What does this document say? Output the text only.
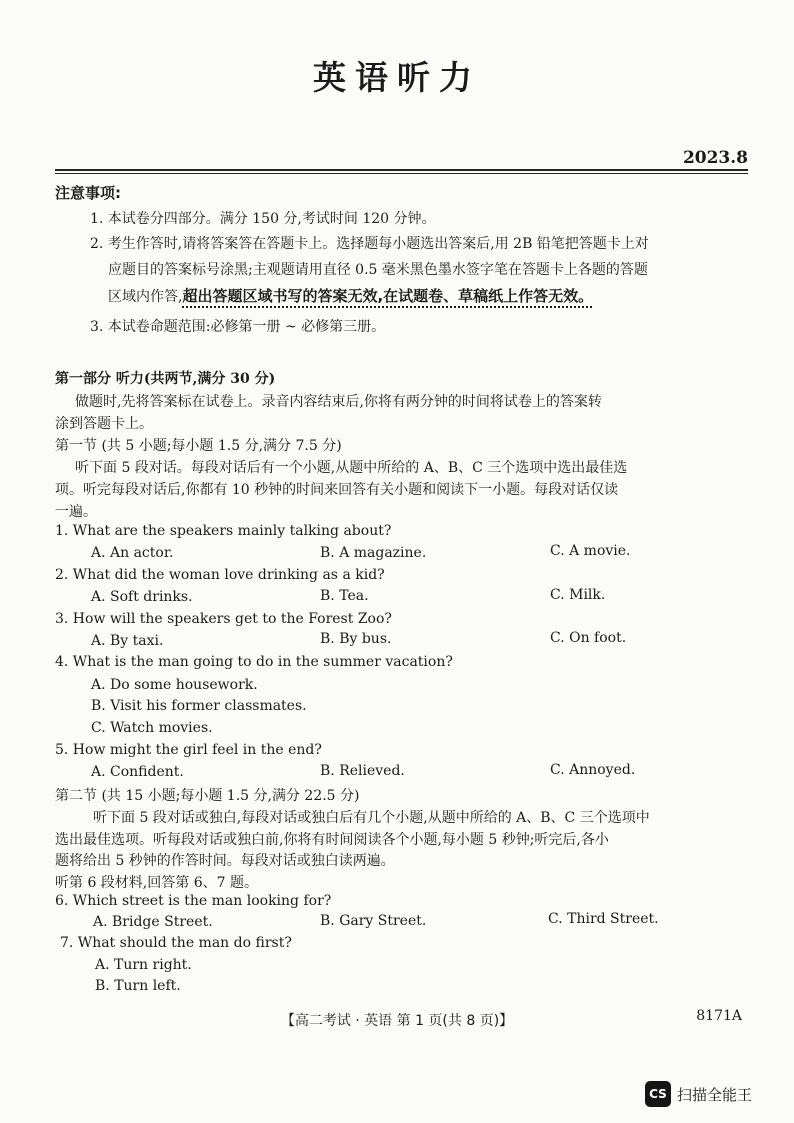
英语听力
2023.8
注意事项:
1. 本试卷分四部分。满分 150 分,考试时间 120 分钟。
2. 考生作答时,请将答案答在答题卡上。选择题每小题选出答案后,用 2B 铅笔把答题卡上对
应题目的答案标号涂黑;主观题请用直径 0.5 毫米黑色墨水签字笔在答题卡上各题的答题
区域内作答,超出答题区域书写的答案无效,在试题卷、草稿纸上作答无效。
3. 本试卷命题范围:必修第一册 ~ 必修第三册。
第一部分 听力(共两节,满分 30 分)
做题时,先将答案标在试卷上。录音内容结束后,你将有两分钟的时间将试卷上的答案转
涂到答题卡上。
第一节 (共 5 小题;每小题 1.5 分,满分 7.5 分)
听下面 5 段对话。每段对话后有一个小题,从题中所给的 A、B、C 三个选项中选出最佳选
项。听完每段对话后,你都有 10 秒钟的时间来回答有关小题和阅读下一小题。每段对话仅读
一遍。
1. What are the speakers mainly talking about?
A. An actor.	B. A magazine.	C. A movie.
2. What did the woman love drinking as a kid?
A. Soft drinks.	B. Tea.	C. Milk.
3. How will the speakers get to the Forest Zoo?
A. By taxi.	B. By bus.	C. On foot.
4. What is the man going to do in the summer vacation?
A. Do some housework.
B. Visit his former classmates.
C. Watch movies.
5. How might the girl feel in the end?
A. Confident.	B. Relieved.	C. Annoyed.
第二节 (共 15 小题;每小题 1.5 分,满分 22.5 分)
听下面 5 段对话或独白,每段对话或独白后有几个小题,从题中所给的 A、B、C 三个选项中
选出最佳选项。听每段对话或独白前,你将有时间阅读各个小题,每小题 5 秒钟;听完后,各小
题将给出 5 秒钟的作答时间。每段对话或独白读两遍。
听第 6 段材料,回答第 6、7 题。
6. Which street is the man looking for?
A. Bridge Street.	B. Gary Street.	C. Third Street.
7. What should the man do first?
A. Turn right.
B. Turn left.
【高二考试 · 英语 第 1 页(共 8 页)】	8171A
CS 扫描全能王
